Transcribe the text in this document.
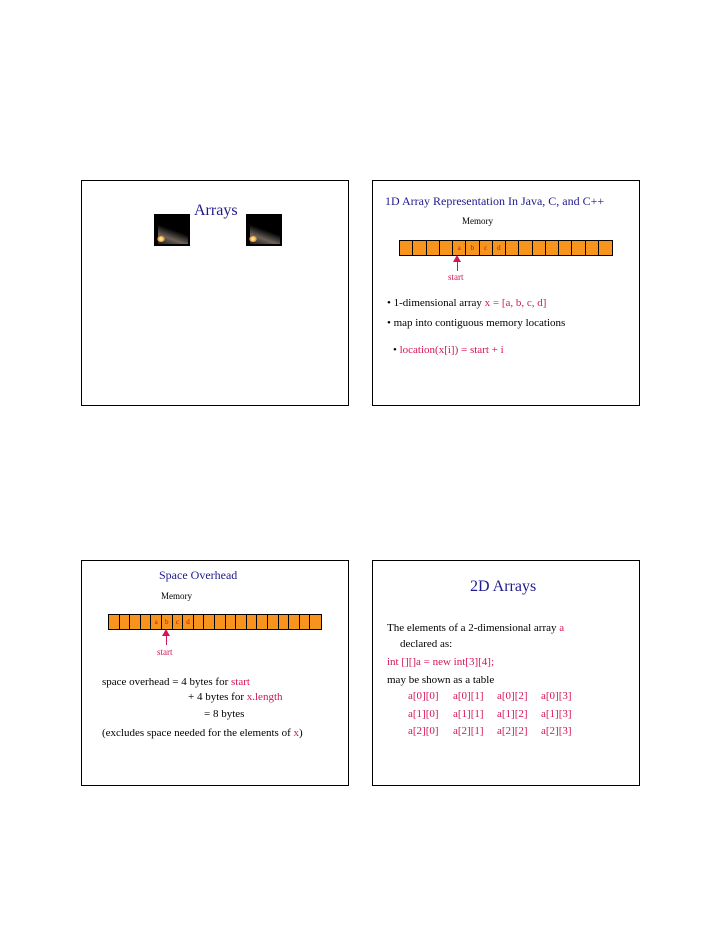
Arrays
1D Array Representation In Java, C, and C++
Memory
a	b	c	d
start
• 1-dimensional array x = [a, b, c, d]
• map into contiguous memory locations
• location(x[i]) = start + i
Space Overhead
Memory
a	b	c	d
start
space overhead = 4 bytes for start
+ 4 bytes for x.length
= 8 bytes
(excludes space needed for the elements of x)
2D Arrays
The elements of a 2-dimensional array a
declared as:
int [][]a = new int[3][4];
may be shown as a table
a[0][0] a[0][1] a[0][2] a[0][3]
a[1][0] a[1][1] a[1][2] a[1][3]
a[2][0] a[2][1] a[2][2] a[2][3]
